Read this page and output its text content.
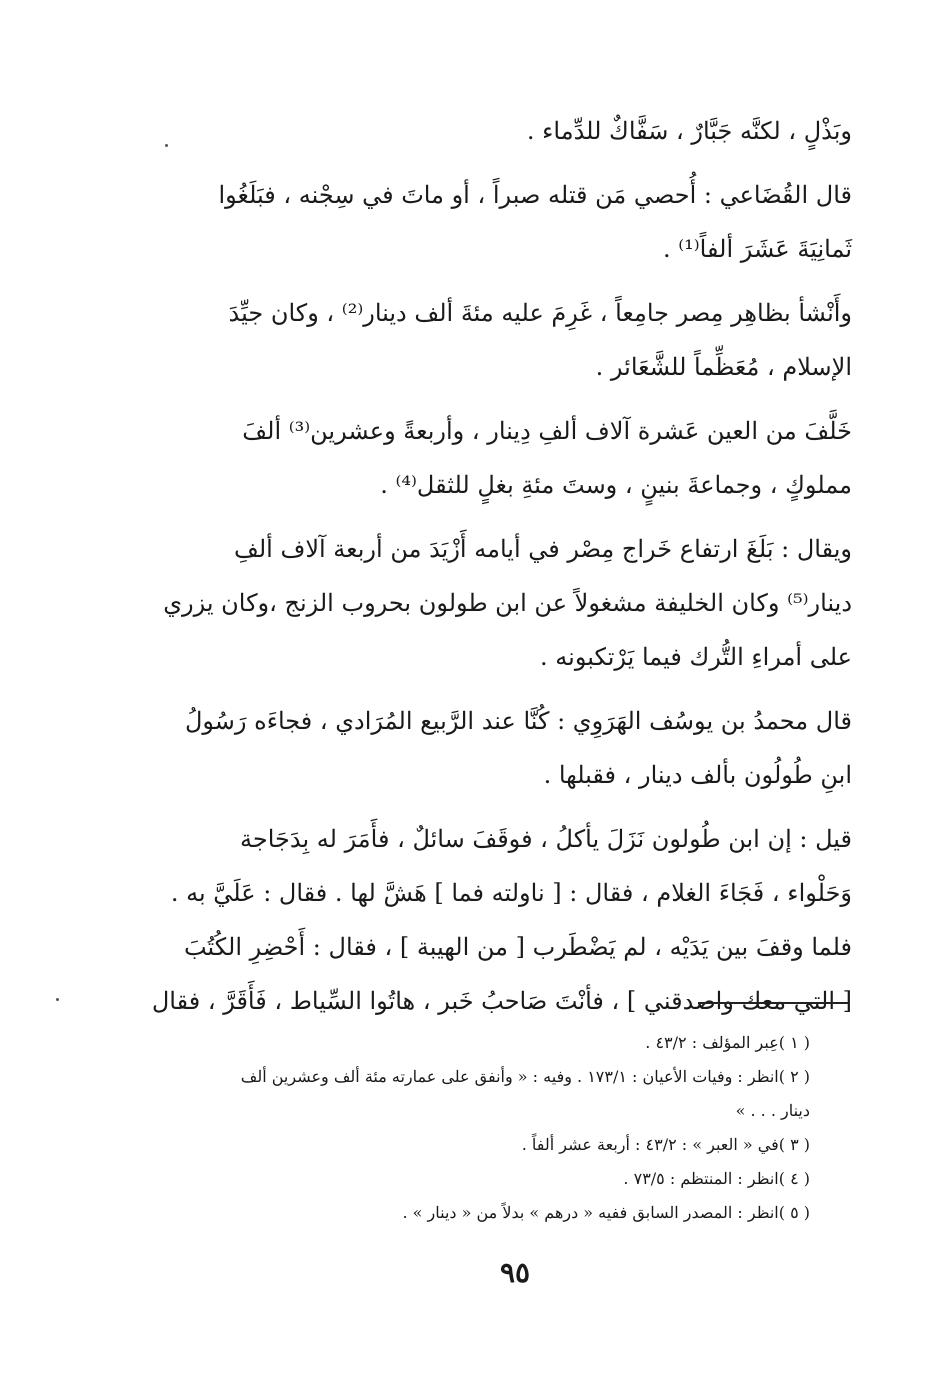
وبَذْلٍ ، لكنَّه جَبَّارٌ ، سَفَّاكٌ للدِّماء .

قال القُضَاعي : أُحصي مَن قتله صبراً ، أو ماتَ في سِجْنه ، فبَلَغُوا
ثَمانِيَةَ عَشَرَ ألفاً⁽¹⁾ .

وأَنْشأ بظاهِر مِصر جامِعاً ، غَرِمَ عليه مئةَ ألف دينار⁽²⁾ ، وكان جيِّدَ
الإسلام ، مُعَظِّماً للشَّعَائر .

خَلَّفَ من العين عَشرة آلاف ألفِ دِينار ، وأربعةً وعشرين⁽³⁾ ألفَ
مملوكٍ ، وجماعةَ بنينٍ ، وستَ مئةِ بغلٍ للثقل⁽⁴⁾ .

ويقال : بَلَغَ ارتفاع خَراج مِصْر في أيامه أَزْيَدَ من أربعة آلاف ألفِ
دينار⁽⁵⁾ وكان الخليفة مشغولاً عن ابن طولون بحروب الزنج ،وكان يزري
على أمراءِ التُّرك فيما يَرْتكبونه .

قال محمدُ بن يوسُف الهَرَوِي : كُنَّا عند الرَّبيع المُرَادي ، فجاءَه رَسُولُ
ابنِ طُولُون بألف دينار ، فقبلها .

قيل : إن ابن طُولون نَزَلَ يأكلُ ، فوقَفَ سائلٌ ، فأَمَرَ له بِدَجَاجة
وَحَلْواء ، فَجَاءَ الغلام ، فقال : [ ناولته فما ] هَشَّ لها . فقال : عَلَيَّ به .
فلما وقفَ بين يَدَيْه ، لم يَضْطَرب [ من الهيبة ] ، فقال : أَحْضِرِ الكُتُبَ
[ التي معك واصدقني ] ، فأنْتَ صَاحبُ خَبر ، هاتُوا السِّياط ، فَأَقَرَّ ، فقال

( ١ )عِبر المؤلف : ٤٣/٢ .
( ٢ )انظر : وفيات الأعيان : ١٧٣/١ . وفيه : « وأنفق على عمارته مئة ألف وعشرين ألف
دينار . . . »
( ٣ )في « العبر » : ٤٣/٢ : أربعة عشر ألفاً .
( ٤ )انظر : المنتظم : ٧٣/٥ .
( ٥ )انظر : المصدر السابق ففيه « درهم » بدلاً من « دينار » .
٩٥
